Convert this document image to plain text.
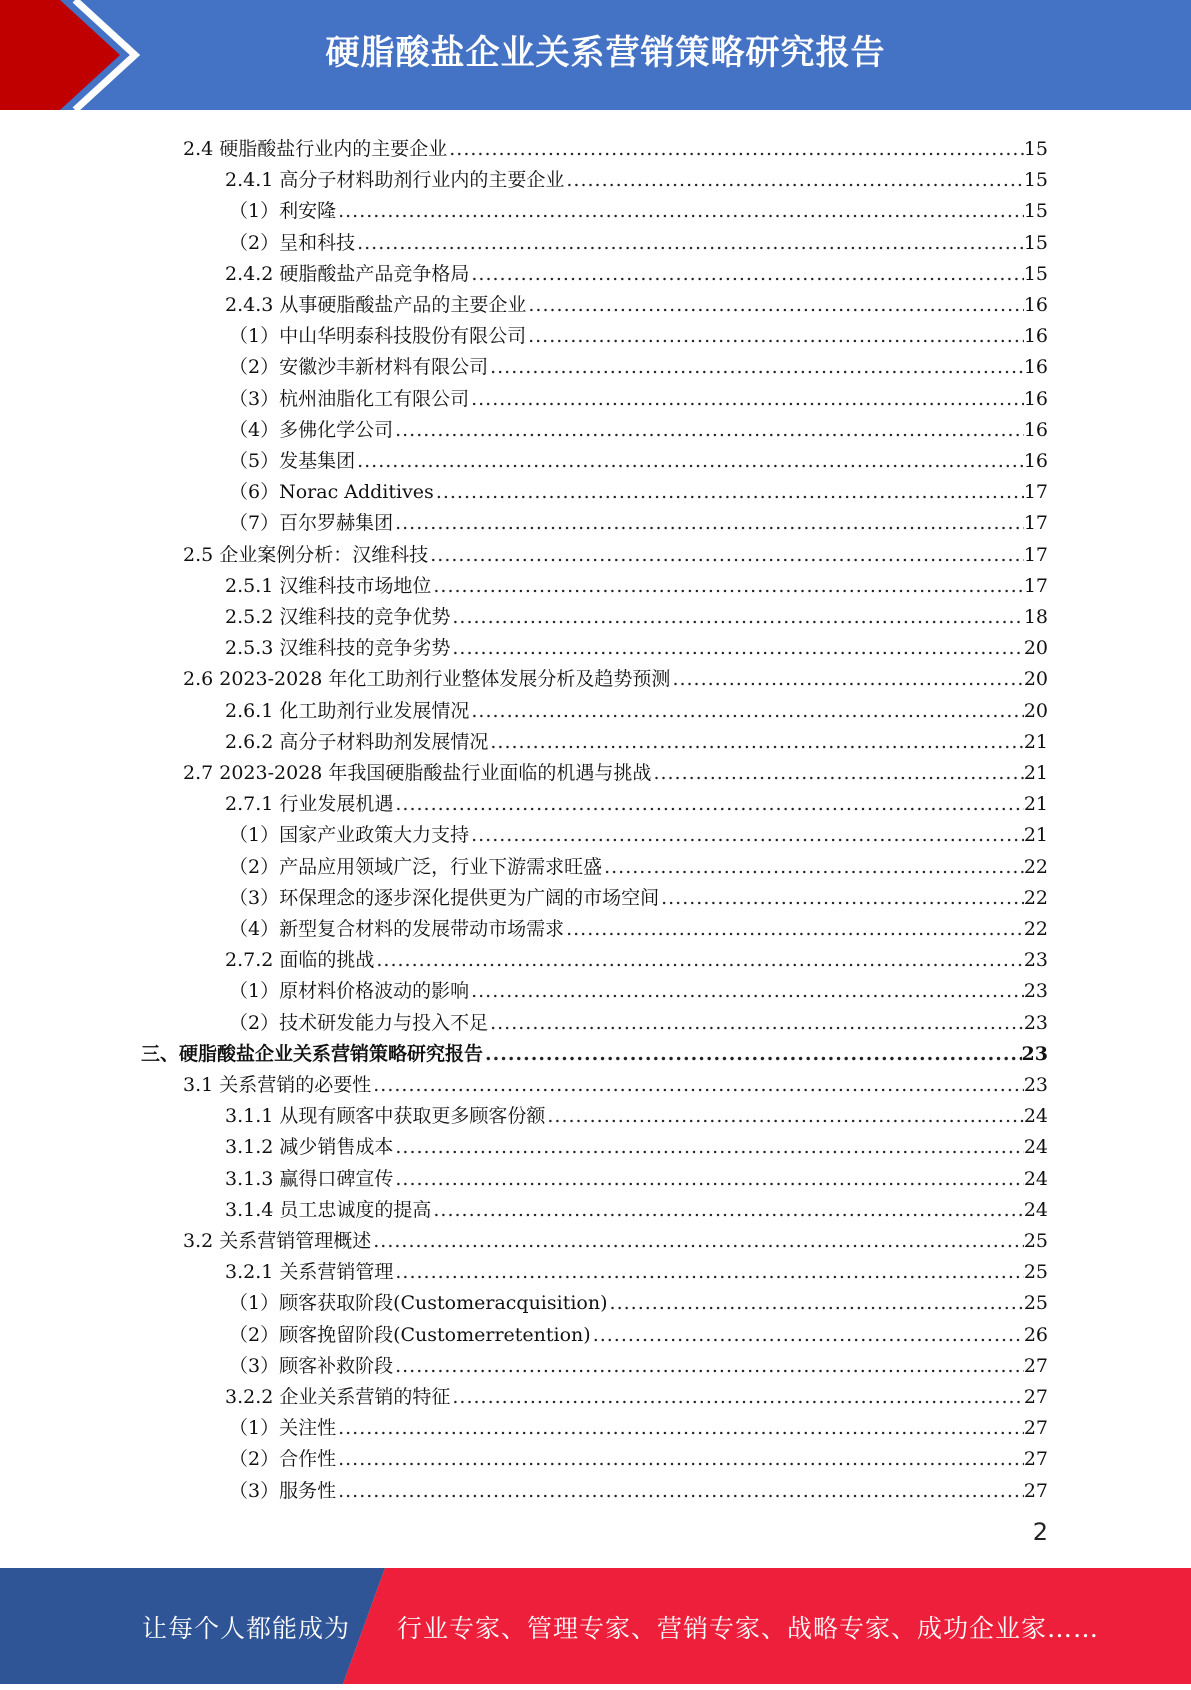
硬脂酸盐企业关系营销策略研究报告
2.4 硬脂酸盐行业内的主要企业 .....	15
2.4.1 高分子材料助剂行业内的主要企业 .....	15
（1）利安隆 .....	15
（2）呈和科技 .....	15
2.4.2 硬脂酸盐产品竞争格局 .....	15
2.4.3 从事硬脂酸盐产品的主要企业 .....	16
（1）中山华明泰科技股份有限公司 .....	16
（2）安徽沙丰新材料有限公司 .....	16
（3）杭州油脂化工有限公司 .....	16
（4）多佛化学公司 .....	16
（5）发基集团 .....	16
（6）Norac Additives .....	17
（7）百尔罗赫集团 .....	17
2.5 企业案例分析：汉维科技 .....	17
2.5.1 汉维科技市场地位 .....	17
2.5.2 汉维科技的竞争优势 .....	18
2.5.3 汉维科技的竞争劣势 .....	20
2.6 2023-2028 年化工助剂行业整体发展分析及趋势预测 .....	20
2.6.1 化工助剂行业发展情况 .....	20
2.6.2 高分子材料助剂发展情况 .....	21
2.7 2023-2028 年我国硬脂酸盐行业面临的机遇与挑战 .....	21
2.7.1 行业发展机遇 .....	21
（1）国家产业政策大力支持 .....	21
（2）产品应用领域广泛，行业下游需求旺盛 .....	22
（3）环保理念的逐步深化提供更为广阔的市场空间 .....	22
（4）新型复合材料的发展带动市场需求 .....	22
2.7.2 面临的挑战 .....	23
（1）原材料价格波动的影响 .....	23
（2）技术研发能力与投入不足 .....	23
三、硬脂酸盐企业关系营销策略研究报告 .....	23
3.1 关系营销的必要性 .....	23
3.1.1 从现有顾客中获取更多顾客份额 .....	24
3.1.2 减少销售成本 .....	24
3.1.3 赢得口碑宣传 .....	24
3.1.4 员工忠诚度的提高 .....	24
3.2 关系营销管理概述 .....	25
3.2.1 关系营销管理 .....	25
（1）顾客获取阶段(Customeracquisition) .....	25
（2）顾客挽留阶段(Customerretention) .....	26
（3）顾客补救阶段 .....	27
3.2.2 企业关系营销的特征 .....	27
（1）关注性 .....	27
（2）合作性 .....	27
（3）服务性 .....	27
2
让每个人都能成为 行业专家、管理专家、营销专家、战略专家、成功企业家……
